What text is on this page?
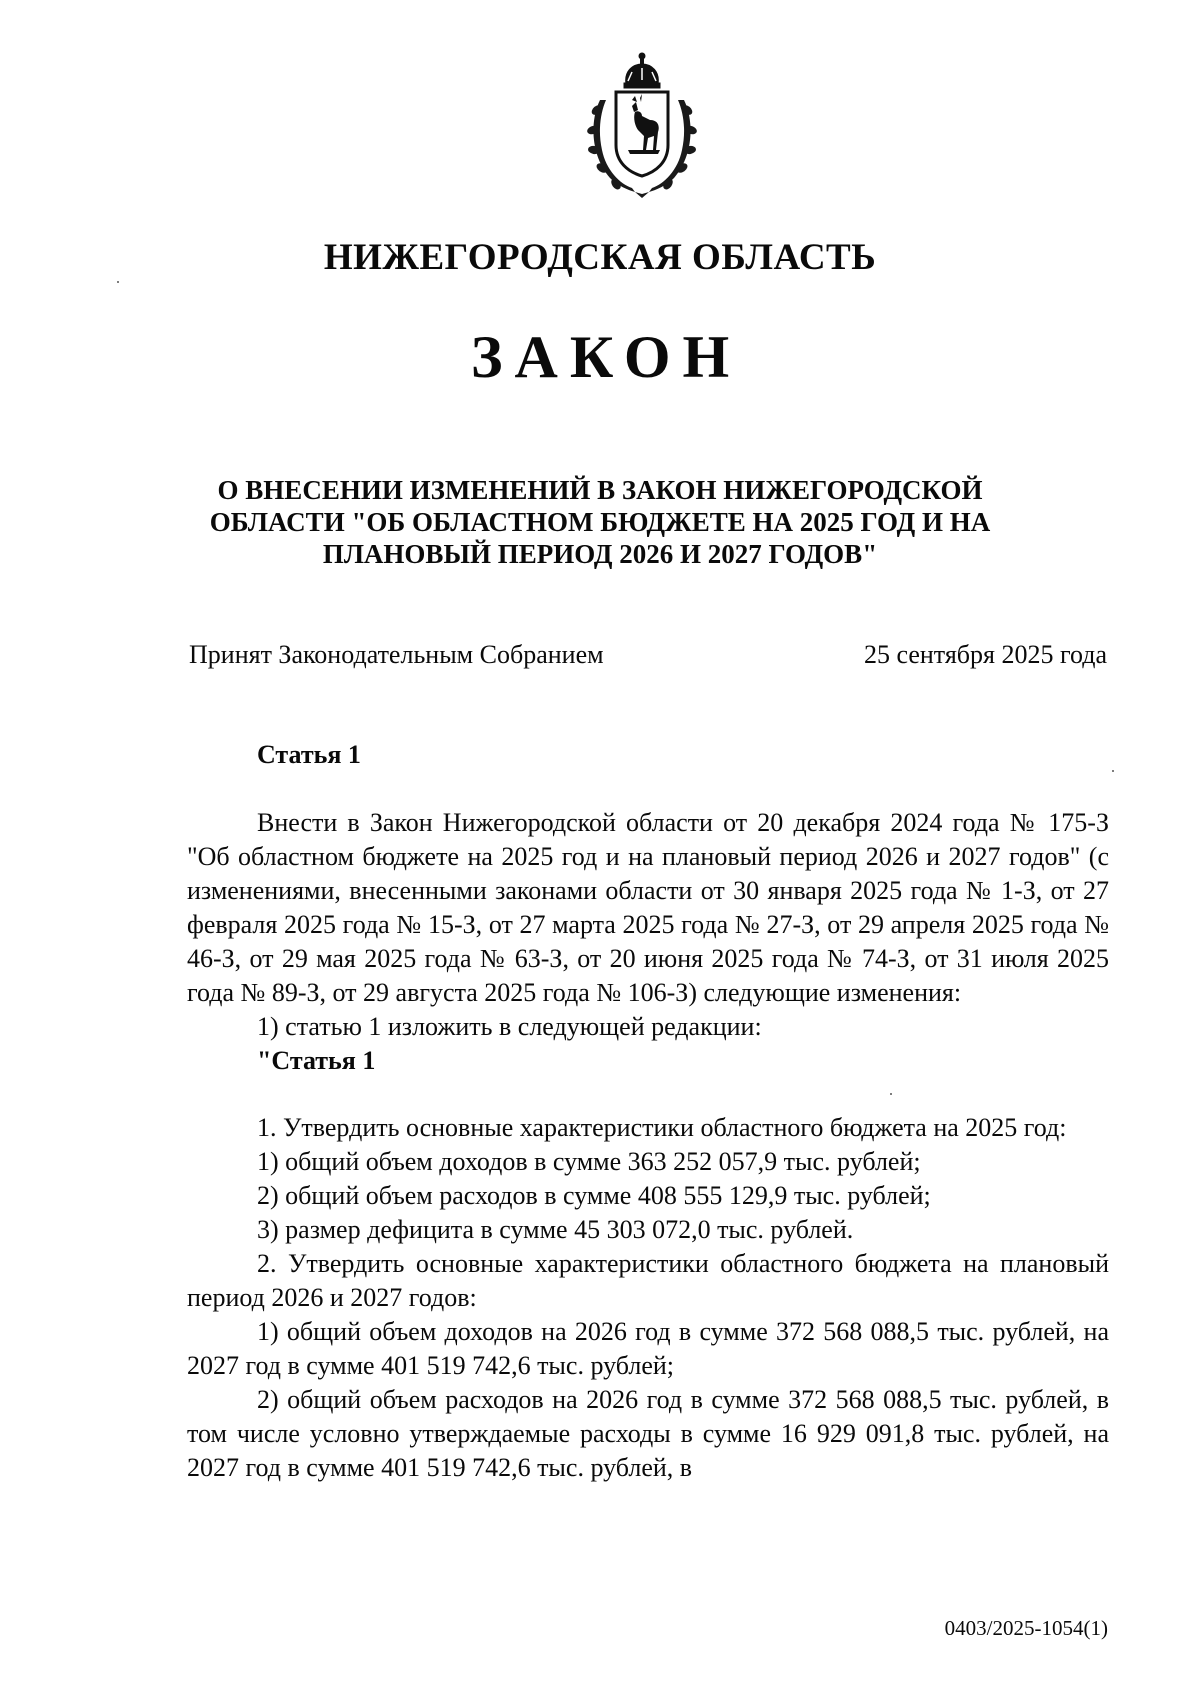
НИЖЕГОРОДСКАЯ ОБЛАСТЬ
ЗАКОН
О ВНЕСЕНИИ ИЗМЕНЕНИЙ В ЗАКОН НИЖЕГОРОДСКОЙ
ОБЛАСТИ "ОБ ОБЛАСТНОМ БЮДЖЕТЕ НА 2025 ГОД И НА
ПЛАНОВЫЙ ПЕРИОД 2026 И 2027 ГОДОВ"
Принят Законодательным Собранием	25 сентября 2025 года

Статья 1

Внести в Закон Нижегородской области от 20 декабря 2024 года № 175-З "Об областном бюджете на 2025 год и на плановый период 2026 и 2027 годов" (с изменениями, внесенными законами области от 30 января 2025 года № 1-З, от 27 февраля 2025 года № 15-З, от 27 марта 2025 года № 27-З, от 29 апреля 2025 года № 46-З, от 29 мая 2025 года № 63-З, от 20 июня 2025 года № 74-З, от 31 июля 2025 года № 89-З, от 29 августа 2025 года № 106-З) следующие изменения:

1) статью 1 изложить в следующей редакции:

"Статья 1

1. Утвердить основные характеристики областного бюджета на 2025 год:

1) общий объем доходов в сумме 363 252 057,9 тыс. рублей;

2) общий объем расходов в сумме 408 555 129,9 тыс. рублей;

3) размер дефицита в сумме 45 303 072,0 тыс. рублей.

2. Утвердить основные характеристики областного бюджета на плановый период 2026 и 2027 годов:

1) общий объем доходов на 2026 год в сумме 372 568 088,5 тыс. рублей, на 2027 год в сумме 401 519 742,6 тыс. рублей;

2) общий объем расходов на 2026 год в сумме 372 568 088,5 тыс. рублей, в том числе условно утверждаемые расходы в сумме 16 929 091,8 тыс. рублей, на 2027 год в сумме 401 519 742,6 тыс. рублей, в

0403/2025-1054(1)
